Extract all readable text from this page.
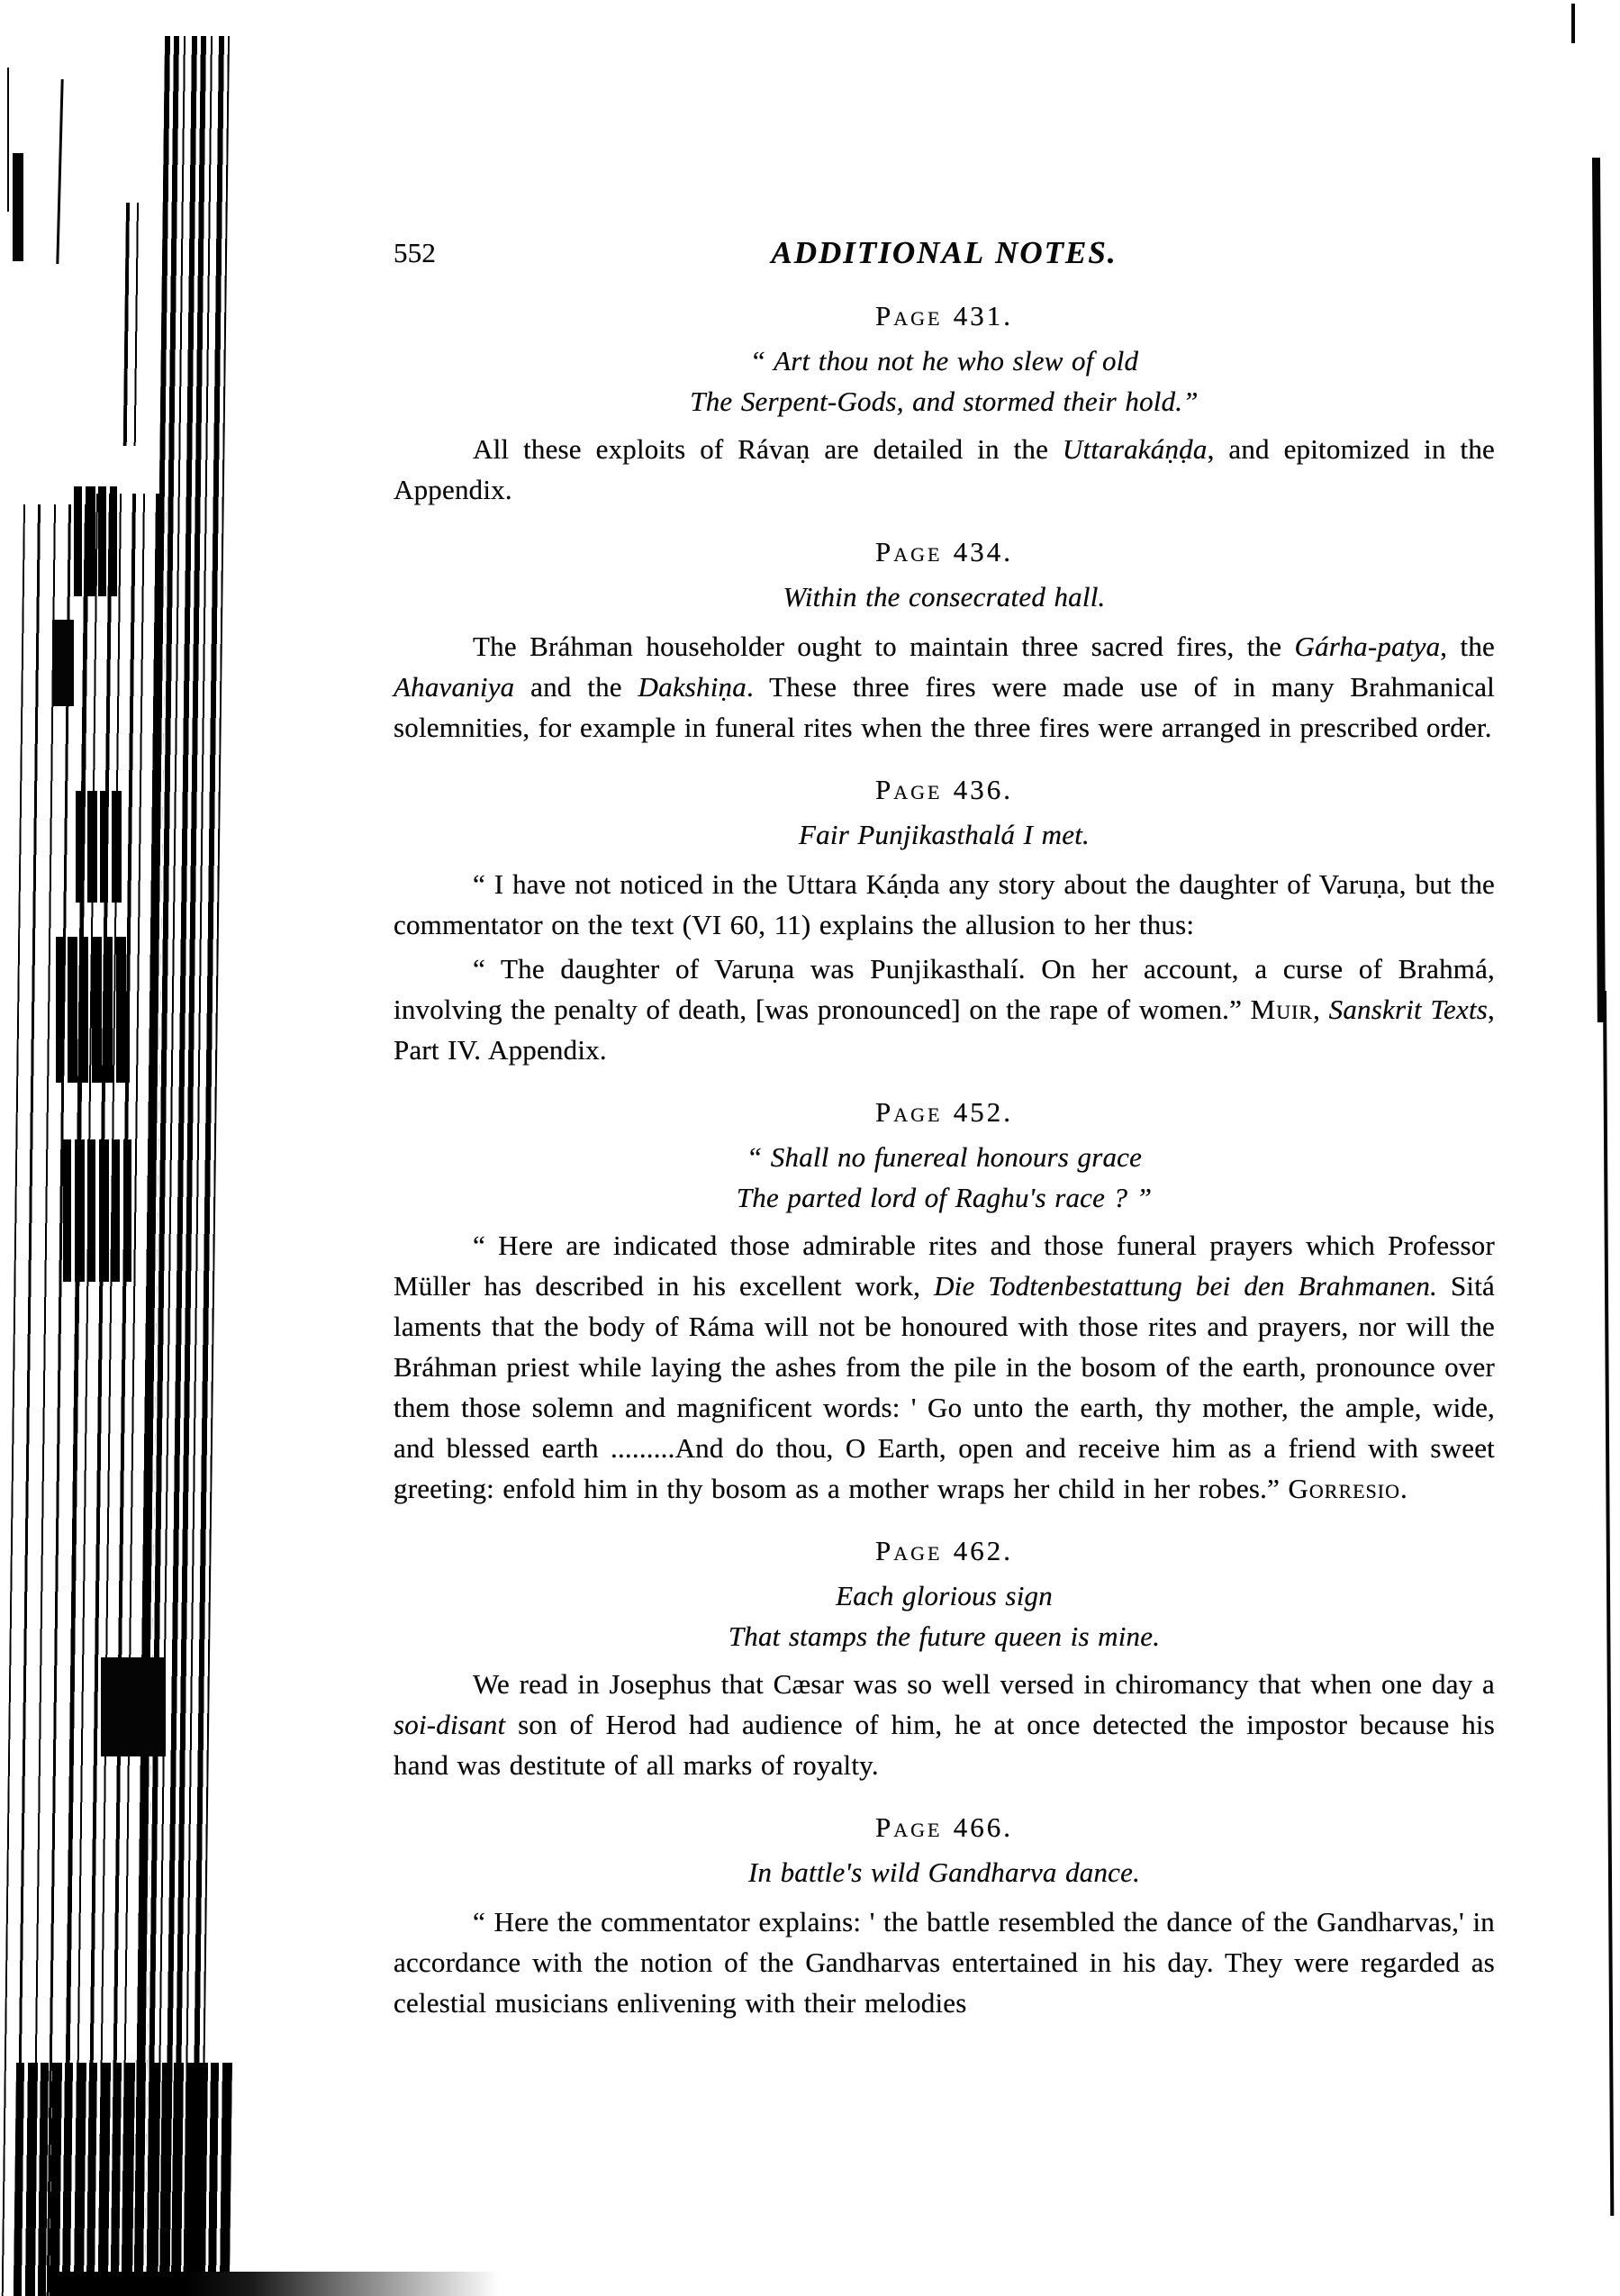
552	ADDITIONAL NOTES.
Page 431.
“ Art thou not he who slew of old
The Serpent-Gods, and stormed their hold.”

All these exploits of Rávaṇ are detailed in the Uttarakáṇḍa, and epitomized in the Appendix.

Page 434.
Within the consecrated hall.

The Bráhman householder ought to maintain three sacred fires, the Gárha-patya, the Ahavaniya and the Dakshiṇa. These three fires were made use of in many Brahmanical solemnities, for example in funeral rites when the three fires were arranged in prescribed order.

Page 436.
Fair Punjikasthalá I met.

“ I have not noticed in the Uttara Káṇda any story about the daughter of Varuṇa, but the commentator on the text (VI 60, 11) explains the allusion to her thus:

“ The daughter of Varuṇa was Punjikasthalí. On her account, a curse of Brahmá, involving the penalty of death, [was pronounced] on the rape of women.” Muir, Sanskrit Texts, Part IV. Appendix.

Page 452.
“ Shall no funereal honours grace
The parted lord of Raghu's race ? ”

“ Here are indicated those admirable rites and those funeral prayers which Professor Müller has described in his excellent work, Die Todtenbestattung bei den Brahmanen. Sitá laments that the body of Ráma will not be honoured with those rites and prayers, nor will the Bráhman priest while laying the ashes from the pile in the bosom of the earth, pronounce over them those solemn and magnificent words: ' Go unto the earth, thy mother, the ample, wide, and blessed earth .........And do thou, O Earth, open and receive him as a friend with sweet greeting: enfold him in thy bosom as a mother wraps her child in her robes.” Gorresio.

Page 462.
Each glorious sign
That stamps the future queen is mine.

We read in Josephus that Cæsar was so well versed in chiromancy that when one day a soi-disant son of Herod had audience of him, he at once detected the impostor because his hand was destitute of all marks of royalty.

Page 466.
In battle's wild Gandharva dance.

“ Here the commentator explains: ' the battle resembled the dance of the Gandharvas,' in accordance with the notion of the Gandharvas entertained in his day. They were regarded as celestial musicians enlivening with their melodies
